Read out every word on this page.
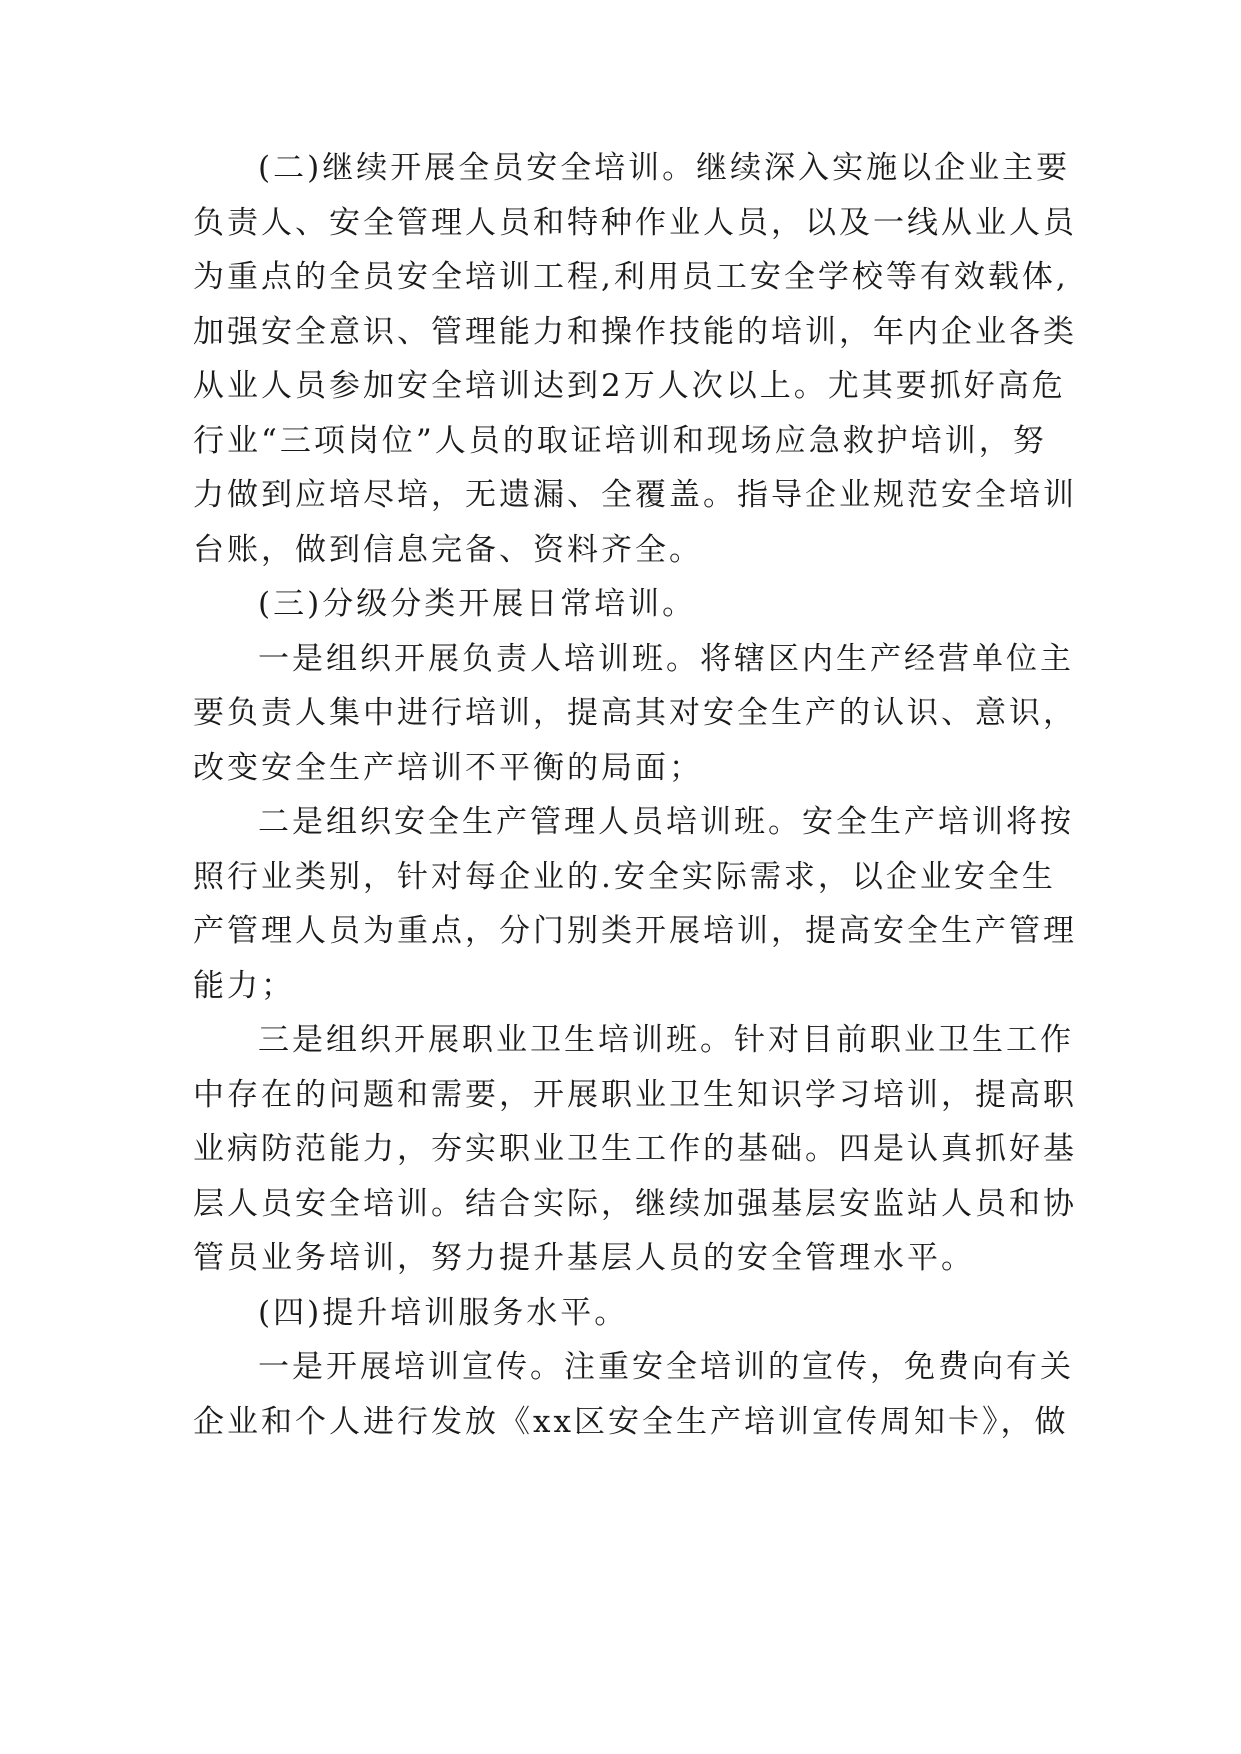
(二)继续开展全员安全培训。继续深入实施以企业主要
负责人、安全管理人员和特种作业人员，以及一线从业人员
为重点的全员安全培训工程,利用员工安全学校等有效载体,
加强安全意识、管理能力和操作技能的培训，年内企业各类
从业人员参加安全培训达到2万人次以上。尤其要抓好高危
行业“三项岗位”人员的取证培训和现场应急救护培训，努
力做到应培尽培，无遗漏、全覆盖。指导企业规范安全培训
台账，做到信息完备、资料齐全。
(三)分级分类开展日常培训。
一是组织开展负责人培训班。将辖区内生产经营单位主
要负责人集中进行培训，提高其对安全生产的认识、意识，
改变安全生产培训不平衡的局面；
二是组织安全生产管理人员培训班。安全生产培训将按
照行业类别，针对每企业的.安全实际需求，以企业安全生
产管理人员为重点，分门别类开展培训，提高安全生产管理
能力；
三是组织开展职业卫生培训班。针对目前职业卫生工作
中存在的问题和需要，开展职业卫生知识学习培训，提高职
业病防范能力，夯实职业卫生工作的基础。四是认真抓好基
层人员安全培训。结合实际，继续加强基层安监站人员和协
管员业务培训，努力提升基层人员的安全管理水平。
(四)提升培训服务水平。
一是开展培训宣传。注重安全培训的宣传，免费向有关
企业和个人进行发放《xx区安全生产培训宣传周知卡》，做
